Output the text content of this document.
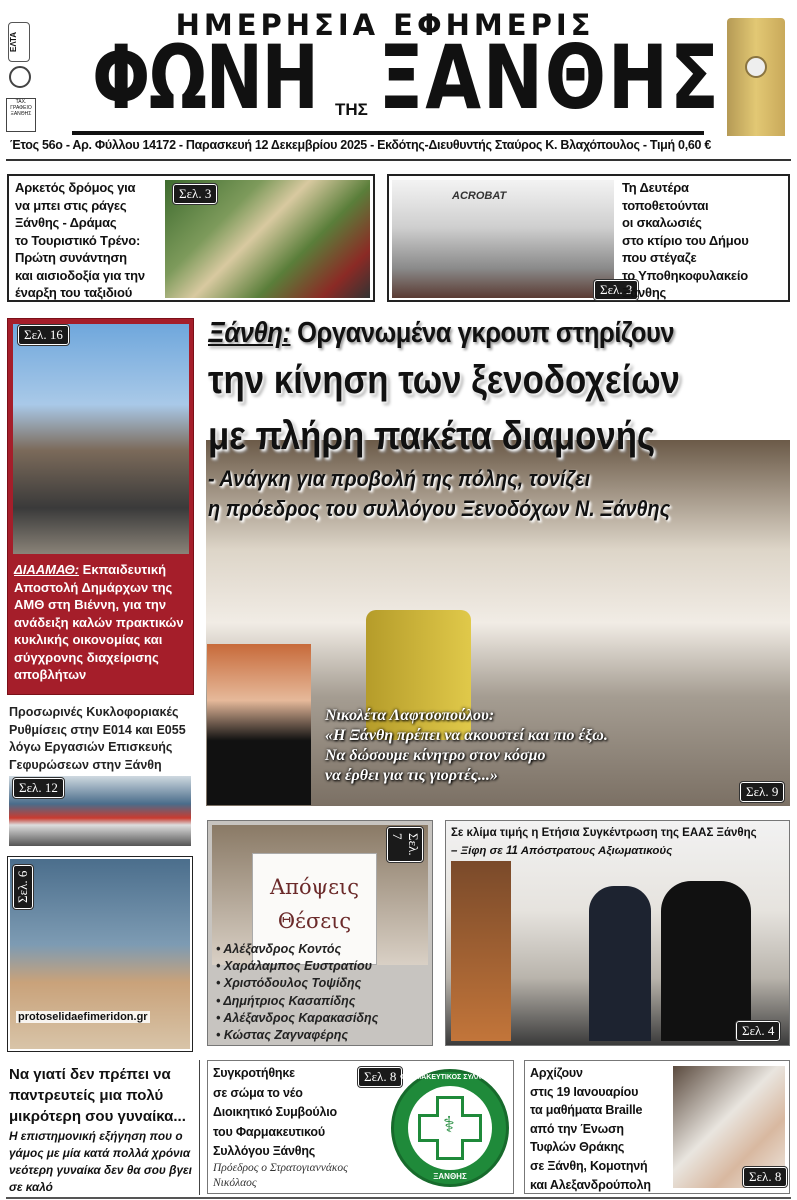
ΕΛΤΑ
ΤΑΧ. ΓΡΑΦΕΙΟ ΞΑΝΘΗΣ
ΗΜΕΡΗΣΙΑ ΕΦΗΜΕΡΙΣ
ΦΩΝΗ ΤΗΣ ΞΑΝΘΗΣ
Έτος 56ο - Αρ. Φύλλου 14172 - Παρασκευή 12 Δεκεμβρίου 2025 - Εκδότης-Διευθυντής Σταύρος Κ. Βλαχόπουλος - Τιμή 0,60 €
Αρκετός δρόμος για
να μπει στις ράγες
Ξάνθης - Δράμας
το Τουριστικό Τρένο:
Πρώτη συνάντηση
και αισιοδοξία για την
έναρξη του ταξιδιού
Σελ. 3	ACROBAT
Σελ. 3
Τη Δευτέρα
τοποθετούνται
οι σκαλωσιές
στο κτίριο του Δήμου
που στέγαζε
το Υποθηκοφυλακείο
Ξάνθης
Σελ. 16
ΔΙΑΑΜΑΘ: Εκπαιδευτική Αποστολή Δημάρχων της ΑΜΘ στη Βιέννη, για την ανάδειξη καλών πρακτικών κυκλικής οικονομίας και σύγχρονης διαχείρισης αποβλήτων
Προσωρινές Κυκλοφοριακές Ρυθμίσεις στην Ε014 και Ε055 λόγω Εργασιών Επισκευής Γεφυρώσεων στην Ξάνθη
Σελ. 12
Σελ. 6
protoselidaefimeridon.gr
Να γιατί δεν πρέπει να παντρευτείς μια πολύ μικρότερη σου γυναίκα...
Η επιστημονική εξήγηση που ο γάμος με μία κατά πολλά χρόνια νεότερη γυναίκα δεν θα σου βγει σε καλό
Ξάνθη: Οργανωμένα γκρουπ στηρίζουν
την κίνηση των ξενοδοχείων
με πλήρη πακέτα διαμονής
- Ανάγκη για προβολή της πόλης, τονίζει
η πρόεδρος του συλλόγου Ξενοδόχων Ν. Ξάνθης
Νικολέτα Λαφτσοπούλου:
«Η Ξάνθη πρέπει να ακουστεί και πιο έξω.
Να δώσουμε κίνητρο στον κόσμο
να έρθει για τις γιορτές...»
Σελ. 9
Απόψεις
Θέσεις
Σελ. 7
• Αλέξανδρος Κοντός
• Χαράλαμπος Ευστρατίου
• Χριστόδουλος Τοψίδης
• Δημήτριος Κασαπίδης
• Αλέξανδρος Καρακασίδης
• Κώστας Ζαγναφέρης
Σε κλίμα τιμής η Ετήσια Συγκέντρωση της ΕΑΑΣ Ξάνθης
– Ξίφη σε 11 Απόστρατους Αξιωματικούς
Σελ. 4
Συγκροτήθηκε
σε σώμα το νέο
Διοικητικό Συμβούλιο
του Φαρμακευτικού
Συλλόγου Ξάνθης
Πρόεδρος ο Στρατογιαννάκος
Νικόλαος
Σελ. 8
⚕
ΦΑΡΜΑΚΕΥΤΙΚΟΣ ΣΥΛΛΟΓΟΣ
ΞΑΝΘΗΣ
Αρχίζουν
στις 19 Ιανουαρίου
τα μαθήματα Braille
από την Ένωση
Τυφλών Θράκης
σε Ξάνθη, Κομοτηνή
και Αλεξανδρούπολη
Σελ. 8
